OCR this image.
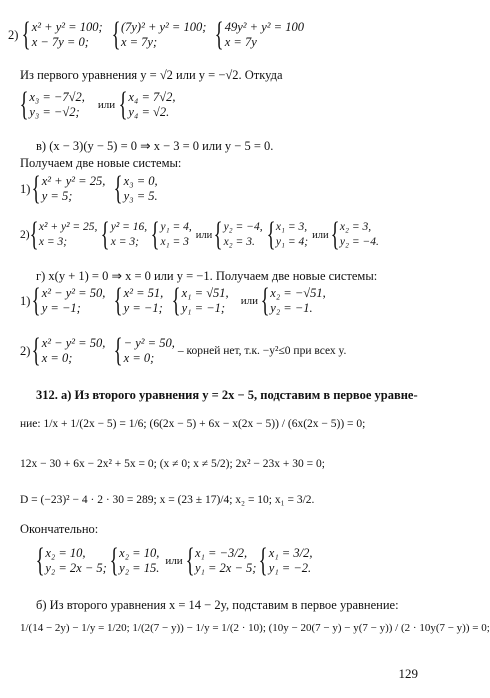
2) { x² + y² = 100;
x − 7y = 0; { (7y)² + y² = 100;
x = 7y;	{ 49y² + y² = 100
x = 7y
Из первого уравнения y = √2 или y = −√2. Откуда
{ x₃ = −7√2,
y₃ = −√2;	или { x₄ = 7√2,
y₄ = √2.
в) (x − 3)(y − 5) = 0 ⇒ x − 3 = 0 или y − 5 = 0.
Получаем две новые системы:
1) { x² + y² = 25,
y = 5;	{ x₃ = 0,
y₃ = 5.
2) { x² + y² = 25,
x = 3; { y² = 16,
x = 3; { y₁ = 4,
x₁ = 3
или { y₂ = −4,
x₂ = 3. { x₁ = 3,
y₁ = 4;
или { x₂ = 3,
y₂ = −4.
г) x(y + 1) = 0 ⇒ x = 0 или y = −1. Получаем две новые системы:
1) { x² − y² = 50,
y = −1; { x² = 51,
y = −1; { x₁ = √51,
y₁ = −1;	или { x₂ = −√51,
y₂ = −1.
2) { x² − y² = 50,
x = 0;	{ − y² = 50,
x = 0;	– корней нет, т.к. −y²≤0 при всех y.
312. а) Из второго уравнения y = 2x − 5, подставим в первое уравне-
ние: 1/x + 1/(2x − 5) = 1/6; (6(2x − 5) + 6x − x(2x − 5)) / (6x(2x − 5)) = 0;
12x − 30 + 6x − 2x² + 5x = 0; (x ≠ 0; x ≠ 5/2); 2x² − 23x + 30 = 0;
D = (−23)² − 4 · 2 · 30 = 289; x = (23 ± 17)/4; x₂ = 10; x₁ = 3/2.
Окончательно:
{ x₂ = 10,
y₂ = 2x − 5; { x₂ = 10,
y₂ = 15. или { x₁ = −3/2,
y₁ = 2x − 5; { x₁ = 3/2,
y₁ = −2.
б) Из второго уравнения x = 14 − 2y, подставим в первое уравнение:
1/(14 − 2y) − 1/y = 1/20; 1/(2(7 − y)) − 1/y = 1/(2 · 10); (10y − 20(7 − y) − y(7 − y)) / (2 · 10y(7 − y)) = 0;
129
